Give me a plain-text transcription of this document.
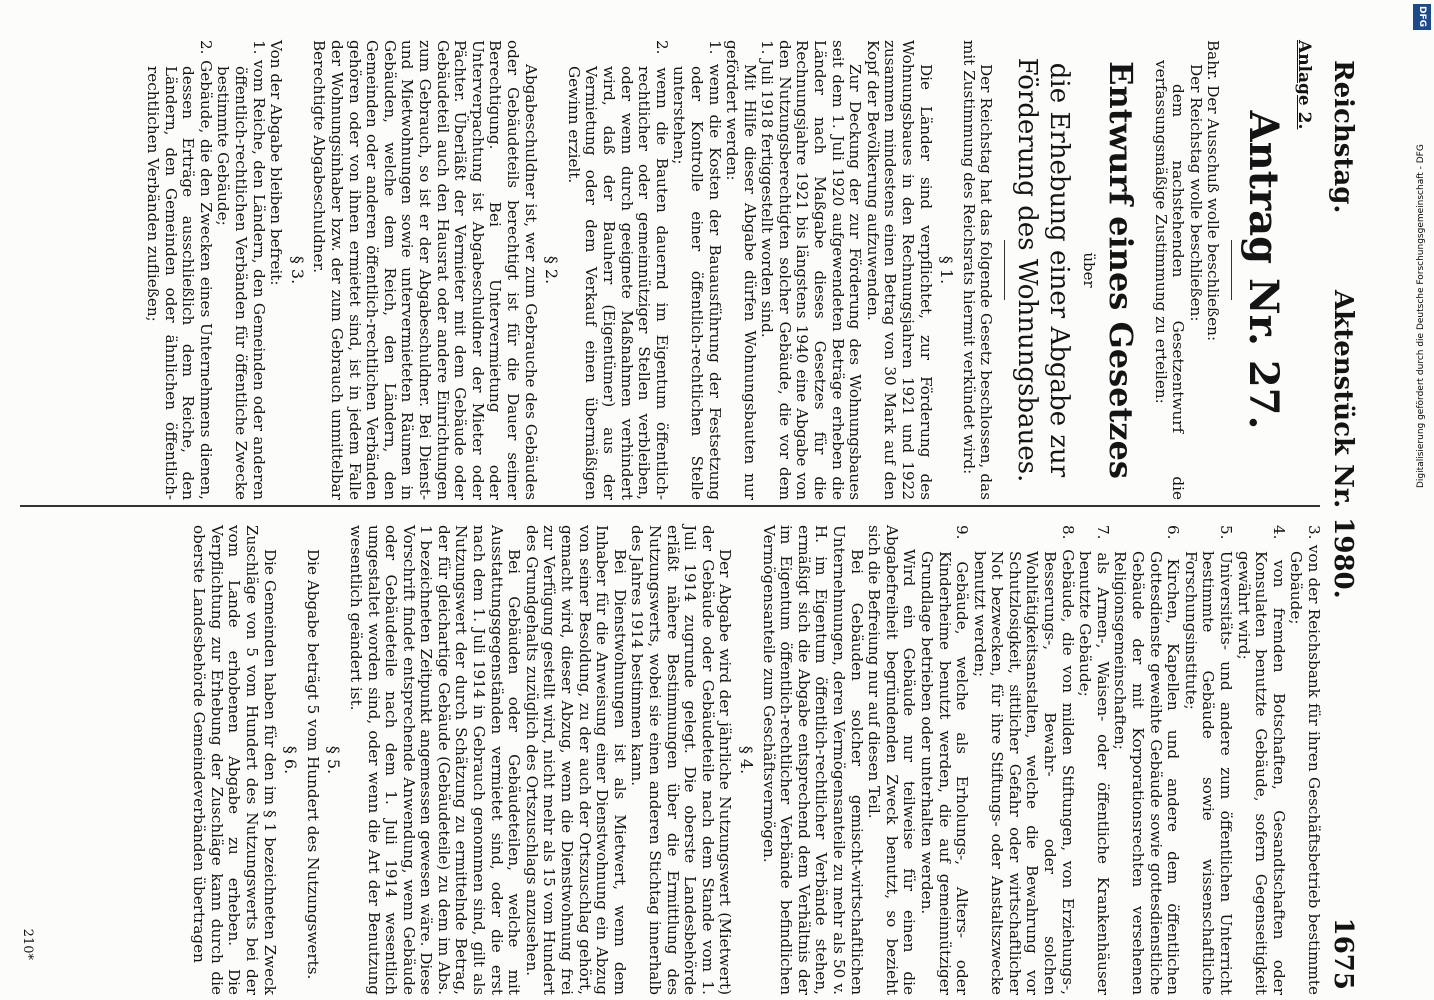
Reichstag.
Aktenstück Nr. 1980.
1675

Anlage 2.

Antrag Nr. 27.

Bahr. Der Ausschuß wolle beschließen:

Der Reichstag wolle beschließen:

dem nachstehenden Gesetzentwurf die verfassungsmäßige Zustimmung zu erteilen:

Entwurf eines Gesetzes

über

die Erhebung einer Abgabe zur Förderung des Wohnungsbaues.

Der Reichstag hat das folgende Gesetz beschlossen, das mit Zustimmung des Reichsrats hiermit verkündet wird:

§ 1.

Die Länder sind verpflichtet, zur Förderung des Wohnungsbaues in den Rechnungsjahren 1921 und 1922 zusammen mindestens einen Betrag von 30 Mark auf den Kopf der Bevölkerung aufzuwenden.

Zur Deckung der zur Förderung des Wohnungsbaues seit dem 1. Juli 1920 aufgewendeten Beträge erheben die Länder nach Maßgabe dieses Gesetzes für die Rechnungsjahre 1921 bis längstens 1940 eine Abgabe von den Nutzungsberechtigten solcher Gebäude, die vor dem 1. Juli 1918 fertiggestellt worden sind.

Mit Hilfe dieser Abgabe dürfen Wohnungsbauten nur gefördert werden:

1. wenn die Kosten der Bauausführung der Festsetzung oder Kontrolle einer öffentlich-rechtlichen Stelle unterstehen;

2. wenn die Bauten dauernd im Eigentum öffentlich-rechtlicher oder gemeinnütziger Stellen verbleiben, oder wenn durch geeignete Maßnahmen verhindert wird, daß der Bauherr (Eigentümer) aus der Vermietung oder dem Verkauf einen übermäßigen Gewinn erzielt.

§ 2.

Abgabeschuldner ist, wer zum Gebrauche des Gebäudes oder Gebäudeteils berechtigt ist für die Dauer seiner Berechtigung. Bei Untervermietung oder Unterverpachtung ist Abgabeschuldner der Mieter oder Pächter. Überläßt der Vermieter mit dem Gebäude oder Gebäudeteil auch den Hausrat oder andere Einrichtungen zum Gebrauch, so ist er der Abgabeschuldner. Bei Dienst- und Mietwohnungen sowie untervermieteten Räumen in Gebäuden, welche dem Reich, den Ländern, den Gemeinden oder anderen öffentlich-rechtlichen Verbänden gehören oder von ihnen ermietet sind, ist in jedem Falle der Wohnungsinhaber bzw. der zum Gebrauch unmittelbar Berechtigte Abgabeschuldner.

§ 3.

Von der Abgabe bleiben befreit:

1. vom Reiche, den Ländern, den Gemeinden oder anderen öffentlich-rechtlichen Verbänden für öffentliche Zwecke bestimmte Gebäude;

2. Gebäude, die den Zwecken eines Unternehmens dienen, dessen Erträge ausschließlich dem Reiche, den Ländern, den Gemeinden oder ähnlichen öffentlich-rechtlichen Verbänden zufließen;

3. von der Reichsbank für ihren Geschäftsbetrieb bestimmte Gebäude;

4. von fremden Botschaften, Gesandtschaften oder Konsulaten benutzte Gebäude, sofern Gegenseitigkeit gewährt wird;

5. Universitäts- und andere zum öffentlichen Unterricht bestimmte Gebäude sowie wissenschaftliche Forschungsinstitute;

6. Kirchen, Kapellen und andere dem öffentlichen Gottesdienste geweihte Gebäude sowie gottesdienstliche Gebäude der mit Korporationsrechten versehenen Religionsgemeinschaften;

7. als Armen-, Waisen- oder öffentliche Krankenhäuser benutzte Gebäude;

8. Gebäude, die von milden Stiftungen, von Erziehungs-, Besserungs-, Bewahr- oder solchen Wohltätigkeitsanstalten, welche die Bewahrung vor Schutzlosigkeit, sittlicher Gefahr oder wirtschaftlicher Not bezwecken, für ihre Stiftungs- oder Anstaltszwecke benutzt werden;

9. Gebäude, welche als Erholungs-, Alters- oder Kinderheime benutzt werden, die auf gemeinnütziger Grundlage betrieben oder unterhalten werden.

Wird ein Gebäude nur teilweise für einen die Abgabefreiheit begründenden Zweck benutzt, so bezieht sich die Befreiung nur auf diesen Teil.

Bei Gebäuden solcher gemischt-wirtschaftlichen Unternehmungen, deren Vermögensanteile zu mehr als 50 v. H. im Eigentum öffentlich-rechtlicher Verbände stehen, ermäßigt sich die Abgabe entsprechend dem Verhältnis der im Eigentum öffentlich-rechtlicher Verbände befindlichen Vermögensanteile zum Geschäftsvermögen.

§ 4.

Der Abgabe wird der jährliche Nutzungswert (Mietwert) der Gebäude oder Gebäudeteile nach dem Stande vom 1. Juli 1914 zugrunde gelegt. Die oberste Landesbehörde erläßt nähere Bestimmungen über die Ermittlung des Nutzungswerts, wobei sie einen anderen Stichtag innerhalb des Jahres 1914 bestimmen kann.

Bei Dienstwohnungen ist als Mietwert, wenn dem Inhaber für die Anweisung einer Dienstwohnung ein Abzug von seiner Besoldung, zu der auch der Ortszuschlag gehört, gemacht wird, dieser Abzug, wenn die Dienstwohnung frei zur Verfügung gestellt wird, nicht mehr als 15 vom Hundert des Grundgehalts zuzüglich des Ortszuschlags anzusehen.

Bei Gebäuden oder Gebäudeteilen, welche mit Ausstattungsgegenständen vermietet sind, oder die erst nach dem 1. Juli 1914 in Gebrauch genommen sind, gilt als Nutzungswert der durch Schätzung zu ermittelnde Betrag, der für gleichartige Gebäude (Gebäudeteile) zu dem im Abs. 1 bezeichneten Zeitpunkt angemessen gewesen wäre. Diese Vorschrift findet entsprechende Anwendung, wenn Gebäude oder Gebäudeteile nach dem 1. Juli 1914 wesentlich umgestaltet worden sind, oder wenn die Art der Benutzung wesentlich geändert ist.

§ 5.

Die Abgabe beträgt 5 vom Hundert des Nutzungswerts.

§ 6.

Die Gemeinden haben für den im § 1 bezeichneten Zweck Zuschläge von 5 vom Hundert des Nutzungswerts bei der vom Lande erhobenen Abgabe zu erheben. Die Verpflichtung zur Erhebung der Zuschläge kann durch die oberste Landesbehörde Gemeindeverbänden übertragen

210*
DFG
Digitalisierung gefördert durch die Deutsche Forschungsgemeinschaft - DFG
